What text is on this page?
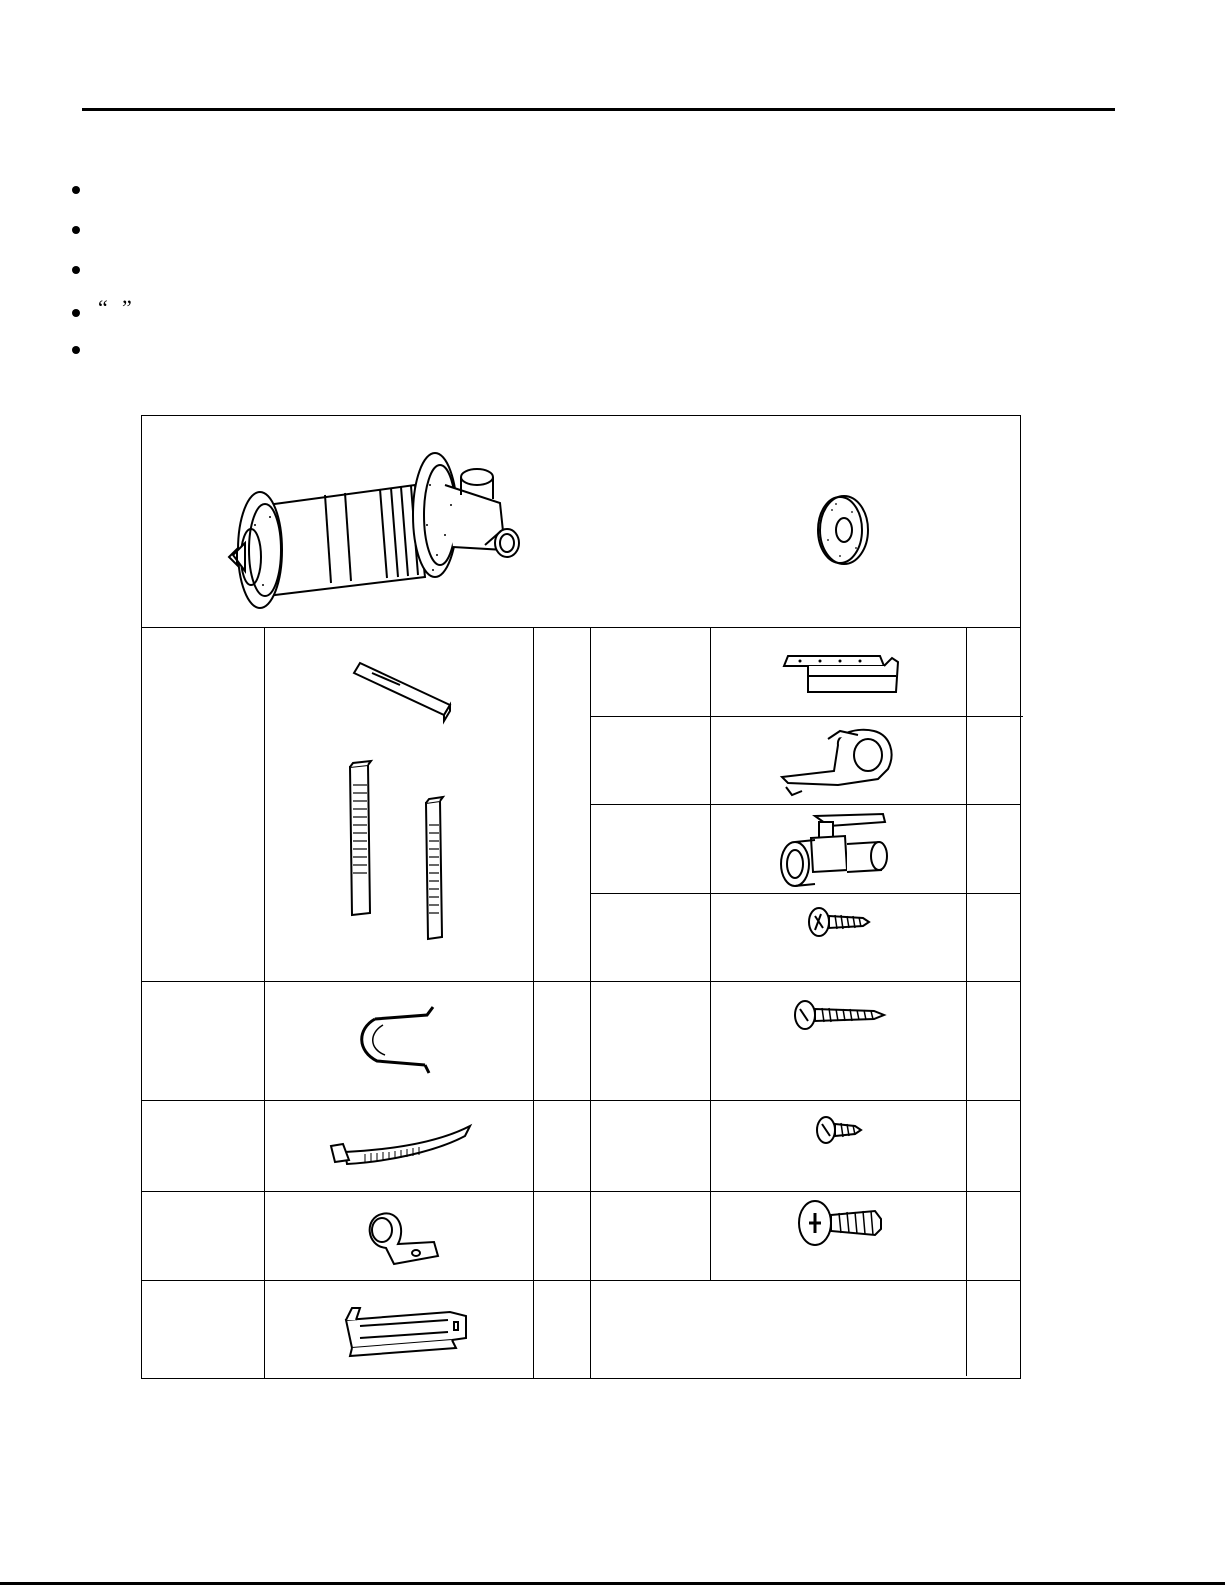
“ ”
